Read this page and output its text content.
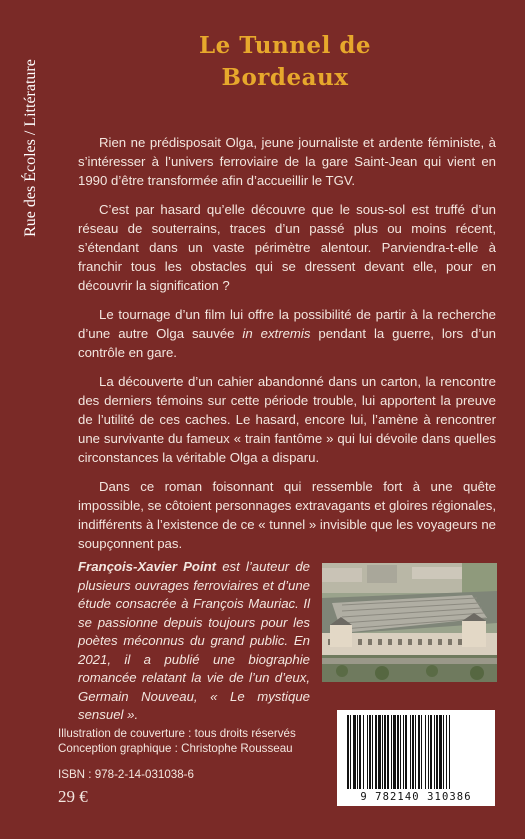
Rue des Écoles / Littérature
Le Tunnel de
Bordeaux

Rien ne prédisposait Olga, jeune journaliste et ardente féministe, à s’intéresser à l’univers ferroviaire de la gare Saint-Jean qui vient en 1990 d’être transformée afin d’accueillir le TGV.

C’est par hasard qu’elle découvre que le sous-sol est truffé d’un réseau de souterrains, traces d’un passé plus ou moins récent, s’étendant dans un vaste périmètre alentour. Parviendra-t-elle à franchir tous les obstacles qui se dressent devant elle, pour en découvrir la signification ?

Le tournage d’un film lui offre la possibilité de partir à la recherche d’une autre Olga sauvée in extremis pendant la guerre, lors d’un contrôle en gare.

La découverte d’un cahier abandonné dans un carton, la rencontre des derniers témoins sur cette période trouble, lui apportent la preuve de l’utilité de ces caches. Le hasard, encore lui, l’amène à rencontrer une survivante du fameux « train fantôme » qui lui dévoile dans quelles circonstances la véritable Olga a disparu.

Dans ce roman foisonnant qui ressemble fort à une quête impossible, se côtoient personnages extravagants et gloires régionales, indifférents à l’existence de ce « tunnel » invisible que les voyageurs ne soupçonnent pas.

François-Xavier Point est l’auteur de plusieurs ouvrages ferroviaires et d’une étude consacrée à François Mauriac. Il se passionne depuis toujours pour les poètes méconnus du grand public. En 2021, il a publié une biographie romancée relatant la vie de l’un d’eux, Germain Nouveau, « Le mystique sensuel ».
Illustration de couverture : tous droits réservés
Conception graphique : Christophe Rousseau
ISBN : 978-2-14-031038-6
29 €	9 782140 310386
